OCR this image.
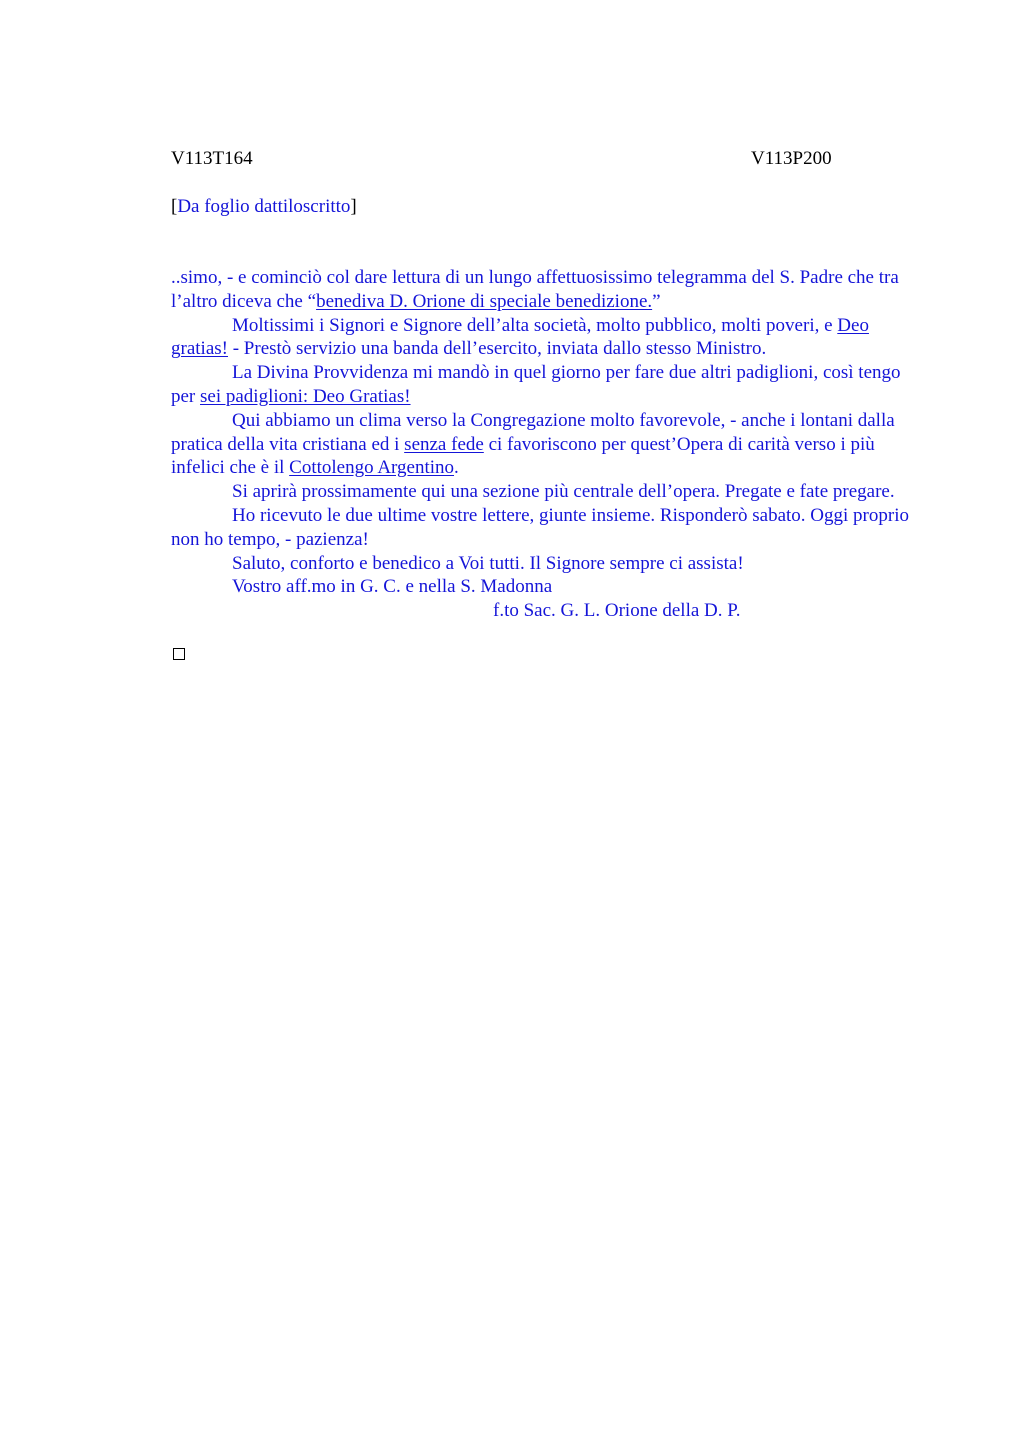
V113T164	V113P200
[Da foglio dattiloscritto]

..simo, - e cominciò col dare lettura di un lungo affettuosissimo telegramma del S. Padre che tra l’altro diceva che “benediva D. Orione di speciale benedizione.”

Moltissimi i Signori e Signore dell’alta società, molto pubblico, molti poveri, e Deo gratias! - Prestò servizio una banda dell’esercito, inviata dallo stesso Ministro.

La Divina Provvidenza mi mandò in quel giorno per fare due altri padiglioni, così tengo per sei padiglioni: Deo Gratias!

Qui abbiamo un clima verso la Congregazione molto favorevole, - anche i lontani dalla pratica della vita cristiana ed i senza fede ci favoriscono per quest’Opera di carità verso i più infelici che è il Cottolengo Argentino.

Si aprirà prossimamente qui una sezione più centrale dell’opera. Pregate e fate pregare.

Ho ricevuto le due ultime vostre lettere, giunte insieme. Risponderò sabato. Oggi proprio non ho tempo, - pazienza!

Saluto, conforto e benedico a Voi tutti. Il Signore sempre ci assista!

Vostro aff.mo in G. C. e nella S. Madonna

f.to Sac. G. L. Orione della D. P.
